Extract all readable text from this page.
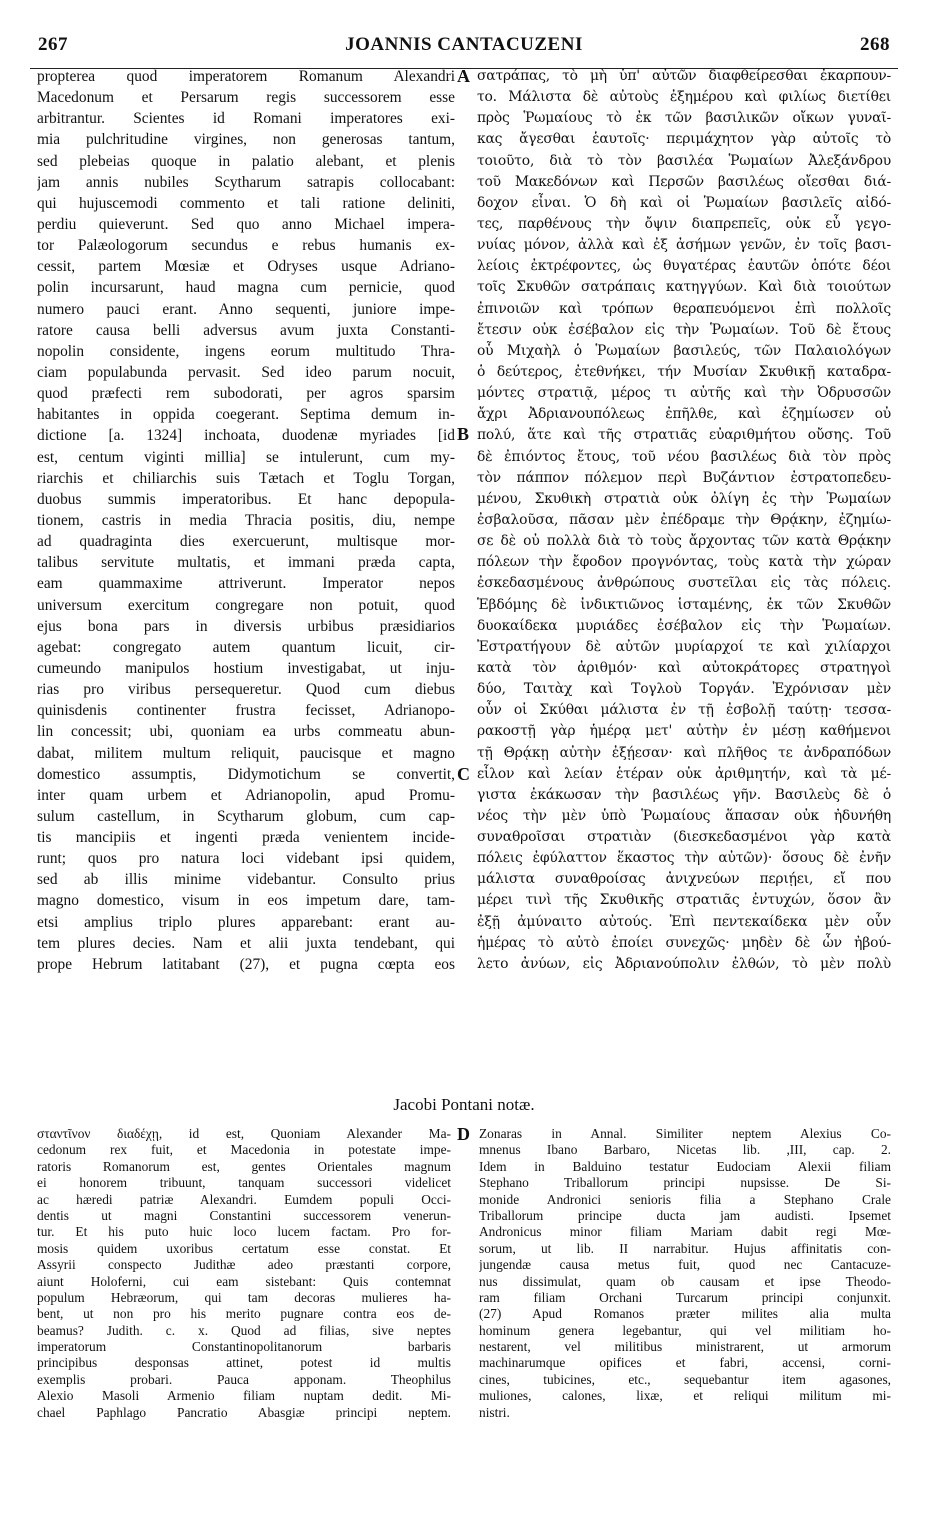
267	JOANNIS CANTACUZENI	268
propterea quod imperatorem Romanum Alexandri
Macedonum et Persarum regis successorem esse
arbitrantur. Scientes id Romani imperatores exi-
mia pulchritudine virgines, non generosas tantum,
sed plebeias quoque in palatio alebant, et plenis
jam annis nubiles Scytharum satrapis collocabant:
qui hujuscemodi commento et tali ratione deliniti,
perdiu quieverunt. Sed quo anno Michael impera-
tor Palæologorum secundus e rebus humanis ex-
cessit, partem Mœsiæ et Odryses usque Adriano-
polin incursarunt, haud magna cum pernicie, quod
numero pauci erant. Anno sequenti, juniore impe-
ratore causa belli adversus avum juxta Constanti-
nopolin considente, ingens eorum multitudo Thra-
ciam populabunda pervasit. Sed ideo parum nocuit,
quod præfecti rem subodorati, per agros sparsim
habitantes in oppida coegerant. Septima demum in-
dictione [a. 1324] inchoata, duodenæ myriades [id
est, centum viginti millia] se intulerunt, cum my-
riarchis et chiliarchis suis Tætach et Toglu Torgan,
duobus summis imperatoribus. Et hanc depopula-
tionem, castris in media Thracia positis, diu, nempe
ad quadraginta dies exercuerunt, multisque mor-
talibus servitute multatis, et immani præda capta,
eam quammaxime attriverunt. Imperator nepos
universum exercitum congregare non potuit, quod
ejus bona pars in diversis urbibus præsidiarios
agebat: congregato autem quantum licuit, cir-
cumeundo manipulos hostium investigabat, ut inju-
rias pro viribus persequeretur. Quod cum diebus
quinisdenis continenter frustra fecisset, Adrianopo-
lin concessit; ubi, quoniam ea urbs commeatu abun-
dabat, militem multum reliquit, paucisque et magno
domestico assumptis, Didymotichum se convertit,
inter quam urbem et Adrianopolin, apud Promu-
sulum castellum, in Scytharum globum, cum cap-
tis mancipiis et ingenti præda venientem incide-
runt; quos pro natura loci videbant ipsi quidem,
sed ab illis minime videbantur. Consulto prius
magno domestico, visum in eos impetum dare, tam-
etsi amplius triplo plures apparebant: erant au-
tem plures decies. Nam et alii juxta tendebant, qui
prope Hebrum latitabant (27), et pugna cœpta eos
σατράπας, τὸ μὴ ὑπ' αὐτῶν διαφθείρεσθαι ἐκαρπουν-
το. Μάλιστα δὲ αὐτοὺς ἐξημέρου καὶ φιλίως διετίθει
πρὸς Ῥωμαίους τὸ ἐκ τῶν βασιλικῶν οἴκων γυναῖ-
κας ἄγεσθαι ἑαυτοῖς· περιμάχητον γὰρ αὐτοῖς τὸ
τοιοῦτο, διὰ τὸ τὸν βασιλέα Ῥωμαίων Ἀλεξάνδρου
τοῦ Μακεδόνων καὶ Περσῶν βασιλέως οἴεσθαι διά-
δοχον εἶναι. Ὁ δὴ καὶ οἱ Ῥωμαίων βασιλεῖς αἰδό-
τες, παρθένους τὴν ὄψιν διαπρεπεῖς, οὐκ εὖ γεγο-
νυίας μόνον, ἀλλὰ καὶ ἐξ ἀσήμων γενῶν, ἐν τοῖς βασι-
λείοις ἐκτρέφοντες, ὡς θυγατέρας ἑαυτῶν ὁπότε δέοι
τοῖς Σκυθῶν σατράπαις κατηγγύων. Καὶ διὰ τοιούτων
ἐπινοιῶν καὶ τρόπων θεραπευόμενοι ἐπὶ πολλοῖς
ἔτεσιν οὐκ ἐσέβαλον εἰς τὴν Ῥωμαίων. Τοῦ δὲ ἔτους
οὗ Μιχαὴλ ὁ Ῥωμαίων βασιλεύς, τῶν Παλαιολόγων
ὁ δεύτερος, ἐτεθνήκει, τήν Μυσίαν Σκυθικῇ καταδρα-
μόντες στρατιᾷ, μέρος τι αὐτῆς καὶ τὴν Ὀδρυσσῶν
ἄχρι Ἀδριανουπόλεως ἐπῆλθε, καὶ ἐζημίωσεν οὐ
πολύ, ἅτε καὶ τῆς στρατιᾶς εὐαριθμήτου οὔσης. Τοῦ
δὲ ἐπιόντος ἔτους, τοῦ νέου βασιλέως διὰ τὸν πρὸς
τὸν πάππον πόλεμον περὶ Βυζάντιον ἐστρατοπεδευ-
μένου, Σκυθικὴ στρατιὰ οὐκ ὀλίγη ἐς τὴν Ῥωμαίων
ἐσβαλοῦσα, πᾶσαν μὲν ἐπέδραμε τὴν Θρᾴκην, ἐζημίω-
σε δὲ οὐ πολλὰ διὰ τὸ τοὺς ἄρχοντας τῶν κατὰ Θρᾴκην
πόλεων τὴν ἔφοδον προγνόντας, τοὺς κατὰ τὴν χώραν
ἐσκεδασμένους ἀνθρώπους συστεῖλαι εἰς τὰς πόλεις.
Ἑβδόμης δὲ ἰνδικτιῶνος ἱσταμένης, ἐκ τῶν Σκυθῶν
δυοκαίδεκα μυριάδες ἐσέβαλον εἰς τὴν Ῥωμαίων.
Ἐστρατήγουν δὲ αὐτῶν μυρίαρχοί τε καὶ χιλίαρχοι
κατὰ τὸν ἀριθμόν· καὶ αὐτοκράτορες στρατηγοὶ
δύο, Ταιτὰχ καὶ Τογλοὺ Τοργάν. Ἐχρόνισαν μὲν
οὖν οἱ Σκύθαι μάλιστα ἐν τῇ ἐσβολῇ ταύτῃ· τεσσα-
ρακοστῇ γὰρ ἡμέρᾳ μετ' αὐτὴν ἐν μέσῃ καθήμενοι
τῇ Θρᾴκῃ αὐτὴν ἐξῄεσαν· καὶ πλῆθος τε ἀνδραπόδων
εἷλον καὶ λείαν ἑτέραν οὐκ ἀριθμητήν, καὶ τὰ μέ-
γιστα ἐκάκωσαν τὴν βασιλέως γῆν. Βασιλεὺς δὲ ὁ
νέος τὴν μὲν ὑπὸ Ῥωμαίους ἅπασαν οὐκ ἠδυνήθη
συναθροῖσαι στρατιὰν (διεσκεδασμένοι γὰρ κατὰ
πόλεις ἐφύλαττον ἕκαστος τὴν αὐτῶν)· ὅσους δὲ ἐνῆν
μάλιστα συναθροίσας ἀνιχνεύων περιῄει, εἴ που
μέρει τινὶ τῆς Σκυθικῆς στρατιᾶς ἐντυχών, ὅσον ἂν
ἐξῇ ἀμύναιτο αὐτούς. Ἐπὶ πεντεκαίδεκα μὲν οὖν
ἡμέρας τὸ αὐτὸ ἐποίει συνεχῶς· μηδὲν δὲ ὧν ἠβού-
λετο ἀνύων, εἰς Ἀδριανούπολιν ἐλθών, τὸ μὲν πολὺ
A
B
C
D
Jacobi Pontani notæ.
σταντῖνον διαδέχῃ, id est, Quoniam Alexander Ma-
cedonum rex fuit, et Macedonia in potestate impe-
ratoris Romanorum est, gentes Orientales magnum
ei honorem tribuunt, tanquam successori videlicet
ac hæredi patriæ Alexandri. Eumdem populi Occi-
dentis ut magni Constantini successorem venerun-
tur. Et his puto huic loco lucem factam. Pro for-
mosis quidem uxoribus certatum esse constat. Et
Assyrii conspecto Judithæ adeo præstanti corpore,
aiunt Holoferni, cui eam sistebant: Quis contemnat
populum Hebræorum, qui tam decoras mulieres ha-
bent, ut non pro his merito pugnare contra eos de-
beamus? Judith. c. x. Quod ad filias, sive neptes
imperatorum Constantinopolitanorum barbaris
principibus desponsas attinet, potest id multis
exemplis probari. Pauca apponam. Theophilus
Alexio Masoli Armenio filiam nuptam dedit. Mi-
chael Paphlago Pancratio Abasgiæ principi neptem.
Zonaras in Annal. Similiter neptem Alexius Co-
mnenus Ibano Barbaro, Nicetas lib. ,III, cap. 2.
Idem in Balduino testatur Eudociam Alexii filiam
Stephano Triballorum principi nupsisse. De Si-
monide Andronici senioris filia a Stephano Crale
Triballorum principe ducta jam audisti. Ipsemet
Andronicus minor filiam Mariam dabit regi Mœ-
sorum, ut lib. II narrabitur. Hujus affinitatis con-
jungendæ causa metus fuit, quod nec Cantacuze-
nus dissimulat, quam ob causam et ipse Theodo-
ram filiam Orchani Turcarum principi conjunxit.
(27) Apud Romanos præter milites alia multa
hominum genera legebantur, qui vel militiam ho-
nestarent, vel militibus ministrarent, ut armorum
machinarumque opifices et fabri, accensi, corni-
cines, tubicines, etc., sequebantur item agasones,
muliones, calones, lixæ, et reliqui militum mi-
nistri.
